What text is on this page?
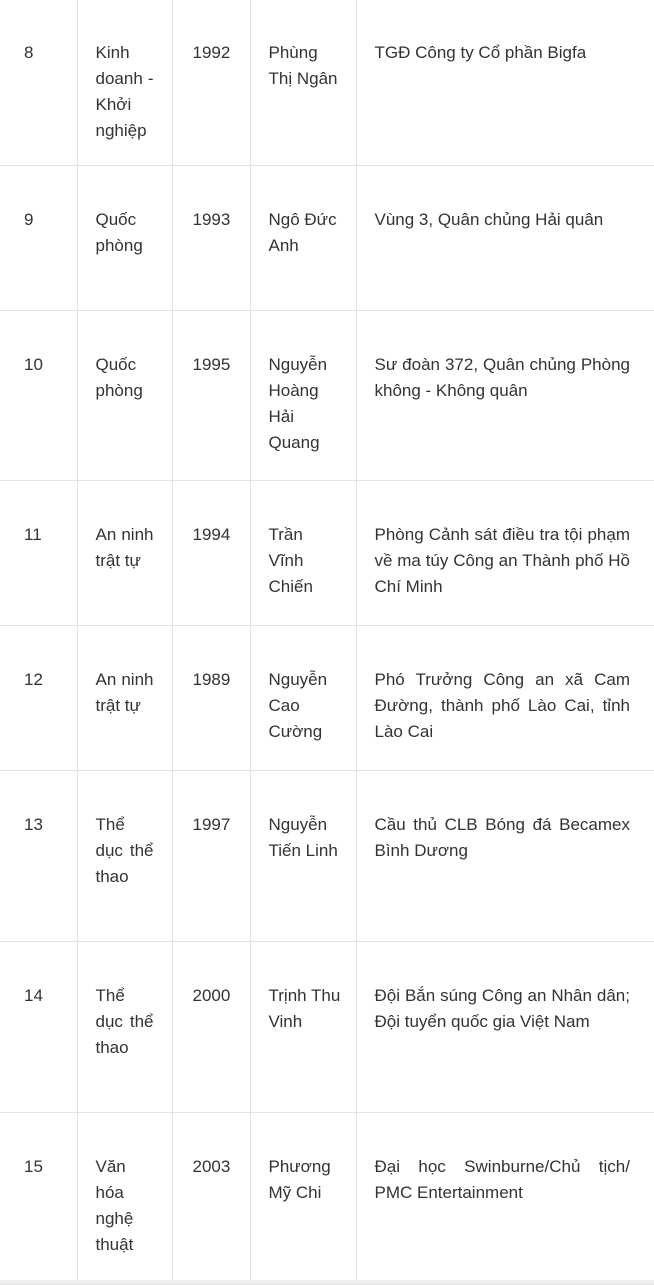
8	Kinh doanh - Khởi nghiệp	1992	Phùng Thị Ngân	TGĐ Công ty Cổ phần Bigfa
9	Quốc phòng	1993	Ngô Đức Anh	Vùng 3, Quân chủng Hải quân
10	Quốc phòng	1995	Nguyễn Hoàng Hải Quang	Sư đoàn 372, Quân chủng Phòng không - Không quân
11	An ninh trật tự	1994	Trần Vĩnh Chiến	Phòng Cảnh sát điều tra tội phạm về ma túy Công an Thành phố Hồ Chí Minh
12	An ninh trật tự	1989	Nguyễn Cao Cường	Phó Trưởng Công an xã Cam Đường, thành phố Lào Cai, tỉnh Lào Cai
13	Thể dục thể thao	1997	Nguyễn Tiến Linh	Cầu thủ CLB Bóng đá Becamex Bình Dương
14	Thể dục thể thao	2000	Trịnh Thu Vinh	Đội Bắn súng Công an Nhân dân; Đội tuyển quốc gia Việt Nam
15	Văn hóa nghệ thuật	2003	Phương Mỹ Chi	Đại học Swinburne/Chủ tịch/ PMC Entertainment
